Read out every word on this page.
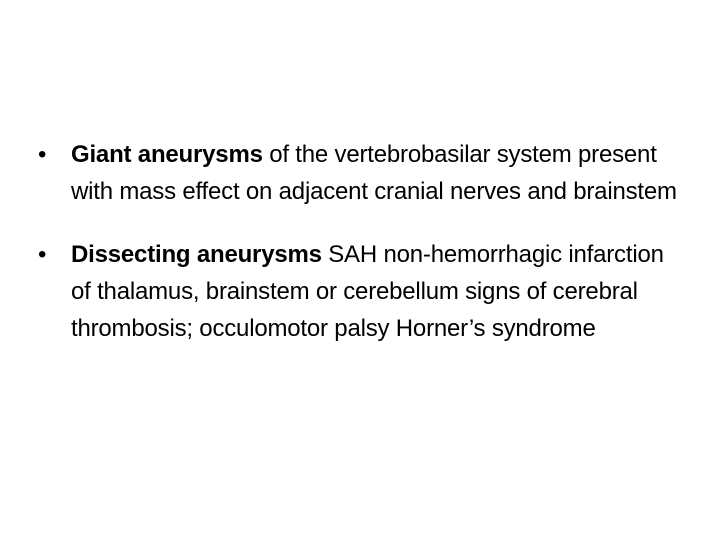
• Giant aneurysms of the vertebrobasilar system present with mass effect on adjacent cranial nerves and brainstem
• Dissecting aneurysms SAH non-hemorrhagic infarction of thalamus, brainstem or cerebellum signs of cerebral thrombosis; occulomotor palsy Horner’s syndrome
